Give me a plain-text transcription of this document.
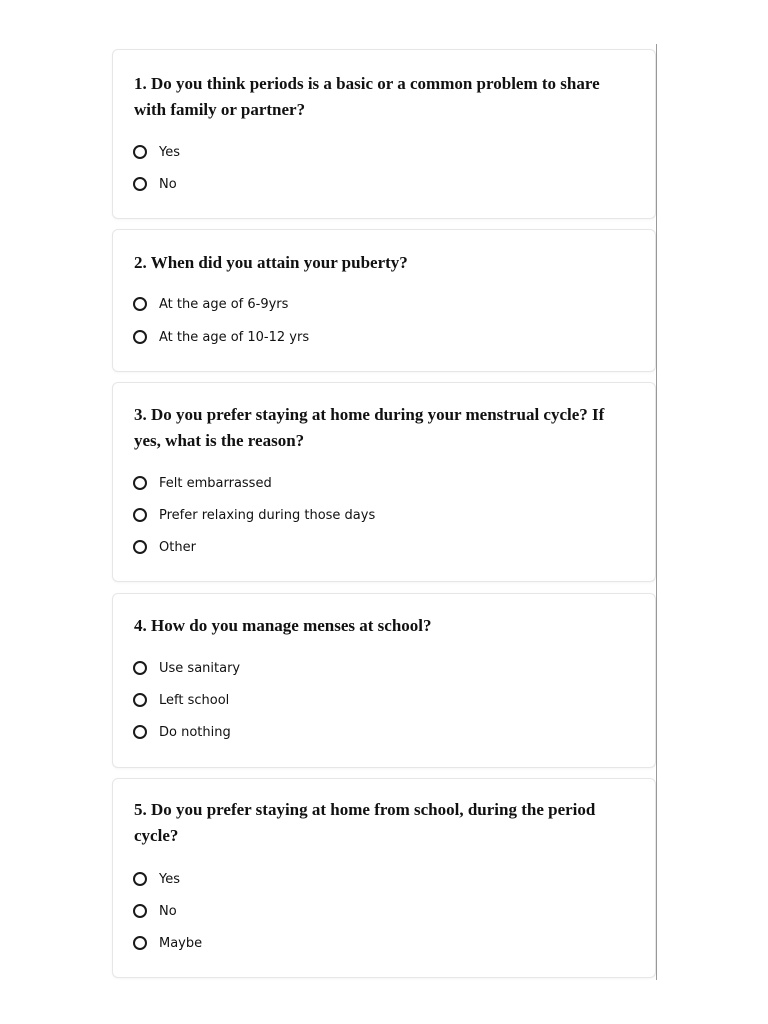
1. Do you think periods is a basic or a common problem to share with family or partner?

Yes
No

2. When did you attain your puberty?

At the age of 6-9yrs
At the age of 10-12 yrs

3. Do you prefer staying at home during your menstrual cycle? If yes, what is the reason?

Felt embarrassed
Prefer relaxing during those days
Other

4. How do you manage menses at school?

Use sanitary
Left school
Do nothing

5. Do you prefer staying at home from school, during the period cycle?

Yes
No
Maybe
